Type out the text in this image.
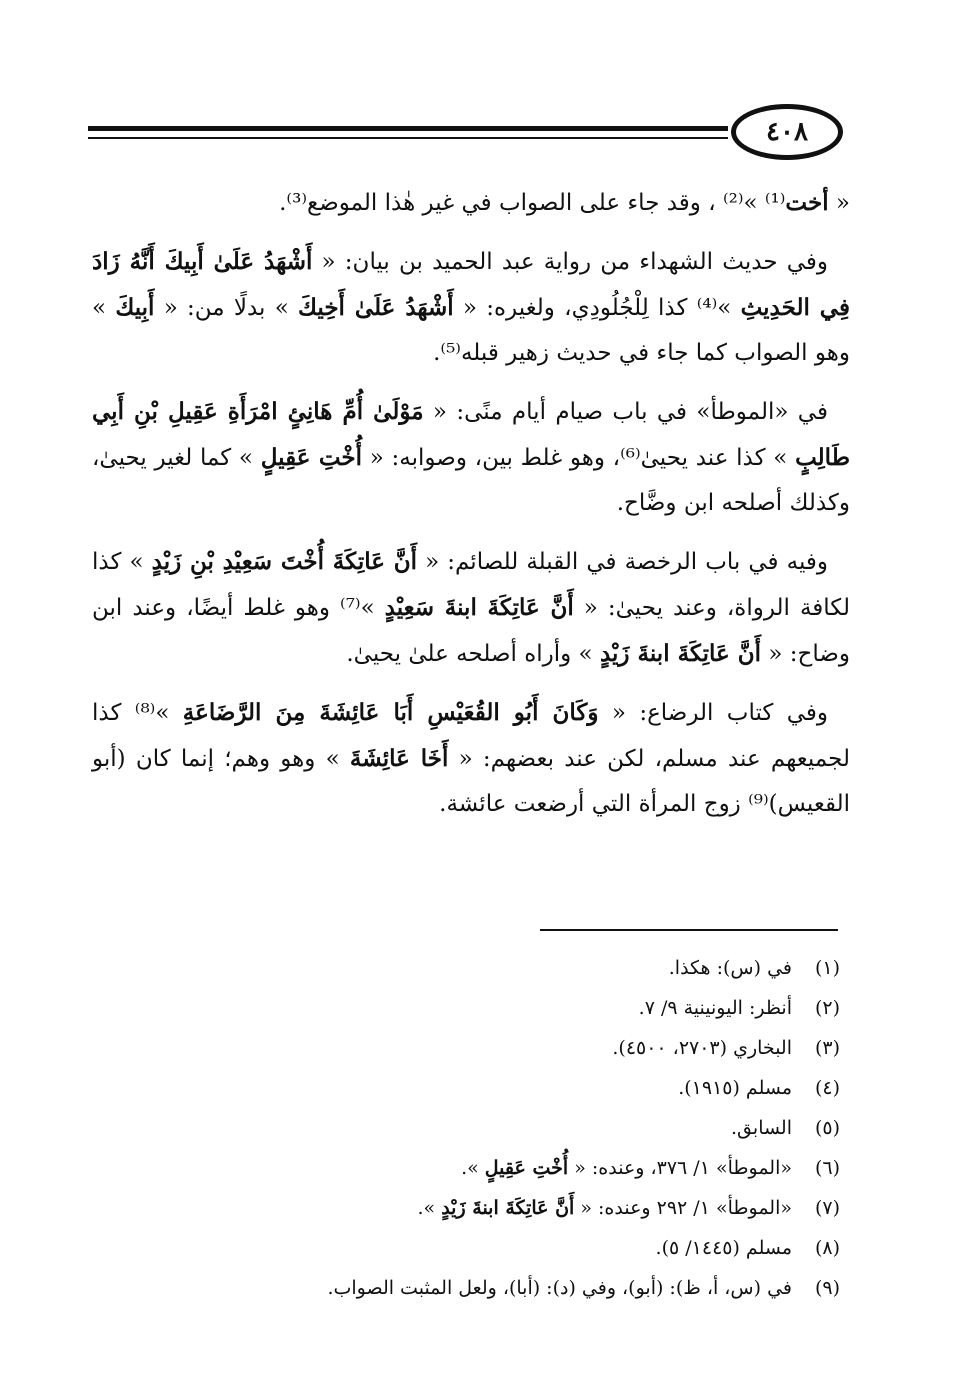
٤٠٨

« أخت⁽¹⁾ »⁽²⁾ ، وقد جاء على الصواب في غير هٰذا الموضع⁽³⁾.

وفي حديث الشهداء من رواية عبد الحميد بن بيان: « أَشْهَدُ عَلَىٰ أَبِيكَ أَنَّهُ زَادَ فِي الحَدِيثِ »⁽⁴⁾ كذا لِلْجُلُودِي، ولغيره: « أَشْهَدُ عَلَىٰ أَخِيكَ » بدلًا من: « أَبِيكَ » وهو الصواب كما جاء في حديث زهير قبله⁽⁵⁾.

في «الموطأ» في باب صيام أيام منًى: « مَوْلَىٰ أُمِّ هَانِئٍ امْرَأَةِ عَقِيلِ بْنِ أَبِي طَالِبٍ » كذا عند يحيىٰ⁽⁶⁾، وهو غلط بين، وصوابه: « أُخْتِ عَقِيلٍ » كما لغير يحيىٰ، وكذلك أصلحه ابن وضَّاح.

وفيه في باب الرخصة في القبلة للصائم: « أَنَّ عَاتِكَةَ أُخْتَ سَعِيْدِ بْنِ زَيْدٍ » كذا لكافة الرواة، وعند يحيىٰ: « أَنَّ عَاتِكَةَ ابنةَ سَعِيْدٍ »⁽⁷⁾ وهو غلط أيضًا، وعند ابن وضاح: « أَنَّ عَاتِكَةَ ابنةَ زَيْدٍ » وأراه أصلحه علىٰ يحيىٰ.

وفي كتاب الرضاع: « وَكَانَ أَبُو القُعَيْسِ أَبَا عَائِشَةَ مِنَ الرَّضَاعَةِ »⁽⁸⁾ كذا لجميعهم عند مسلم، لكن عند بعضهم: « أَخَا عَائِشَةَ » وهو وهم؛ إنما كان (أبو القعيس)⁽⁹⁾ زوج المرأة التي أرضعت عائشة.

(١)
في (س): هكذا.
(٢)
أنظر: اليونينية ٩/ ٧.
(٣)
البخاري (٢٧٠٣، ٤٥٠٠).
(٤)
مسلم (١٩١٥).
(٥)
السابق.
(٦)
«الموطأ» ١/ ٣٧٦، وعنده: « أُخْتِ عَقِيلٍ ».
(٧)
«الموطأ» ١/ ٢٩٢ وعنده: « أَنَّ عَاتِكَةَ ابنةَ زَيْدٍ ».
(٨)
مسلم (١٤٤٥/ ٥).
(٩)
في (س، أ، ظ): (أبو)، وفي (د): (أبا)، ولعل المثبت الصواب.
